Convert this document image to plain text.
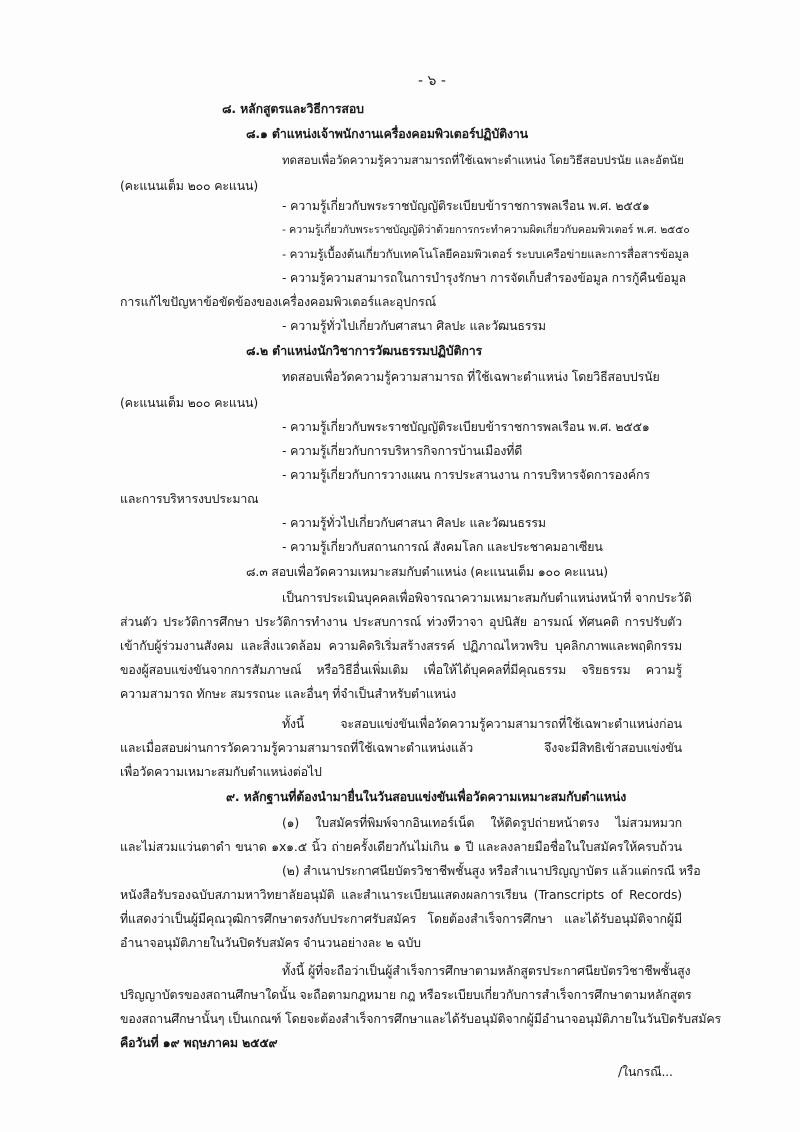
- ๖ -
๘. หลักสูตรและวิธีการสอบ
๘.๑ ตำแหน่งเจ้าพนักงานเครื่องคอมพิวเตอร์ปฏิบัติงาน
ทดสอบเพื่อวัดความรู้ความสามารถที่ใช้เฉพาะตำแหน่ง โดยวิธีสอบปรนัย และอัตนัย
(คะแนนเต็ม ๒๐๐ คะแนน)
- ความรู้เกี่ยวกับพระราชบัญญัติระเบียบข้าราชการพลเรือน พ.ศ. ๒๕๕๑
- ความรู้เกี่ยวกับพระราชบัญญัติว่าด้วยการกระทำความผิดเกี่ยวกับคอมพิวเตอร์ พ.ศ. ๒๕๕๐
- ความรู้เบื้องต้นเกี่ยวกับเทคโนโลยีคอมพิวเตอร์ ระบบเครือข่ายและการสื่อสารข้อมูล
- ความรู้ความสามารถในการบำรุงรักษา การจัดเก็บสำรองข้อมูล การกู้คืนข้อมูล
การแก้ไขปัญหาข้อขัดข้องของเครื่องคอมพิวเตอร์และอุปกรณ์
- ความรู้ทั่วไปเกี่ยวกับศาสนา ศิลปะ และวัฒนธรรม
๘.๒ ตำแหน่งนักวิชาการวัฒนธรรมปฏิบัติการ
ทดสอบเพื่อวัดความรู้ความสามารถ ที่ใช้เฉพาะตำแหน่ง โดยวิธีสอบปรนัย
(คะแนนเต็ม ๒๐๐ คะแนน)
- ความรู้เกี่ยวกับพระราชบัญญัติระเบียบข้าราชการพลเรือน พ.ศ. ๒๕๕๑
- ความรู้เกี่ยวกับการบริหารกิจการบ้านเมืองที่ดี
- ความรู้เกี่ยวกับการวางแผน การประสานงาน การบริหารจัดการองค์กร
และการบริหารงบประมาณ
- ความรู้ทั่วไปเกี่ยวกับศาสนา ศิลปะ และวัฒนธรรม
- ความรู้เกี่ยวกับสถานการณ์ สังคมโลก และประชาคมอาเซียน
๘.๓ สอบเพื่อวัดความเหมาะสมกับตำแหน่ง (คะแนนเต็ม ๑๐๐ คะแนน)
เป็นการประเมินบุคคลเพื่อพิจารณาความเหมาะสมกับตำแหน่งหน้าที่ จากประวัติ
ส่วนตัว ประวัติการศึกษา ประวัติการทำงาน ประสบการณ์ ท่วงทีวาจา อุปนิสัย อารมณ์ ทัศนคติ การปรับตัว
เข้ากับผู้ร่วมงานสังคม และสิ่งแวดล้อม ความคิดริเริ่มสร้างสรรค์ ปฏิภาณไหวพริบ บุคลิกภาพและพฤติกรรม
ของผู้สอบแข่งขันจากการสัมภาษณ์ หรือวิธีอื่นเพิ่มเติม เพื่อให้ได้บุคคลที่มีคุณธรรม จริยธรรม ความรู้
ความสามารถ ทักษะ สมรรถนะ และอื่นๆ ที่จำเป็นสำหรับตำแหน่ง
ทั้งนี้ จะสอบแข่งขันเพื่อวัดความรู้ความสามารถที่ใช้เฉพาะตำแหน่งก่อน
และเมื่อสอบผ่านการวัดความรู้ความสามารถที่ใช้เฉพาะตำแหน่งแล้ว จึงจะมีสิทธิเข้าสอบแข่งขัน
เพื่อวัดความเหมาะสมกับตำแหน่งต่อไป
๙. หลักฐานที่ต้องนำมายื่นในวันสอบแข่งขันเพื่อวัดความเหมาะสมกับตำแหน่ง
(๑) ใบสมัครที่พิมพ์จากอินเทอร์เน็ต ให้ติดรูปถ่ายหน้าตรง ไม่สวมหมวก
และไม่สวมแว่นตาดำ ขนาด ๑x๑.๕ นิ้ว ถ่ายครั้งเดียวกันไม่เกิน ๑ ปี และลงลายมือชื่อในใบสมัครให้ครบถ้วน
(๒) สำเนาประกาศนียบัตรวิชาชีพชั้นสูง หรือสำเนาปริญญาบัตร แล้วแต่กรณี หรือ
หนังสือรับรองฉบับสภามหาวิทยาลัยอนุมัติ และสำเนาระเบียนแสดงผลการเรียน (Transcripts of Records)
ที่แสดงว่าเป็นผู้มีคุณวุฒิการศึกษาตรงกับประกาศรับสมัคร โดยต้องสำเร็จการศึกษา และได้รับอนุมัติจากผู้มี
อำนาจอนุมัติภายในวันปิดรับสมัคร จำนวนอย่างละ ๒ ฉบับ
ทั้งนี้ ผู้ที่จะถือว่าเป็นผู้สำเร็จการศึกษาตามหลักสูตรประกาศนียบัตรวิชาชีพชั้นสูง
ปริญญาบัตรของสถานศึกษาใดนั้น จะถือตามกฎหมาย กฎ หรือระเบียบเกี่ยวกับการสำเร็จการศึกษาตามหลักสูตร
ของสถานศึกษานั้นๆ เป็นเกณฑ์ โดยจะต้องสำเร็จการศึกษาและได้รับอนุมัติจากผู้มีอำนาจอนุมัติภายในวันปิดรับสมัคร
คือวันที่ ๑๙ พฤษภาคม ๒๕๕๙
/ในกรณี...
